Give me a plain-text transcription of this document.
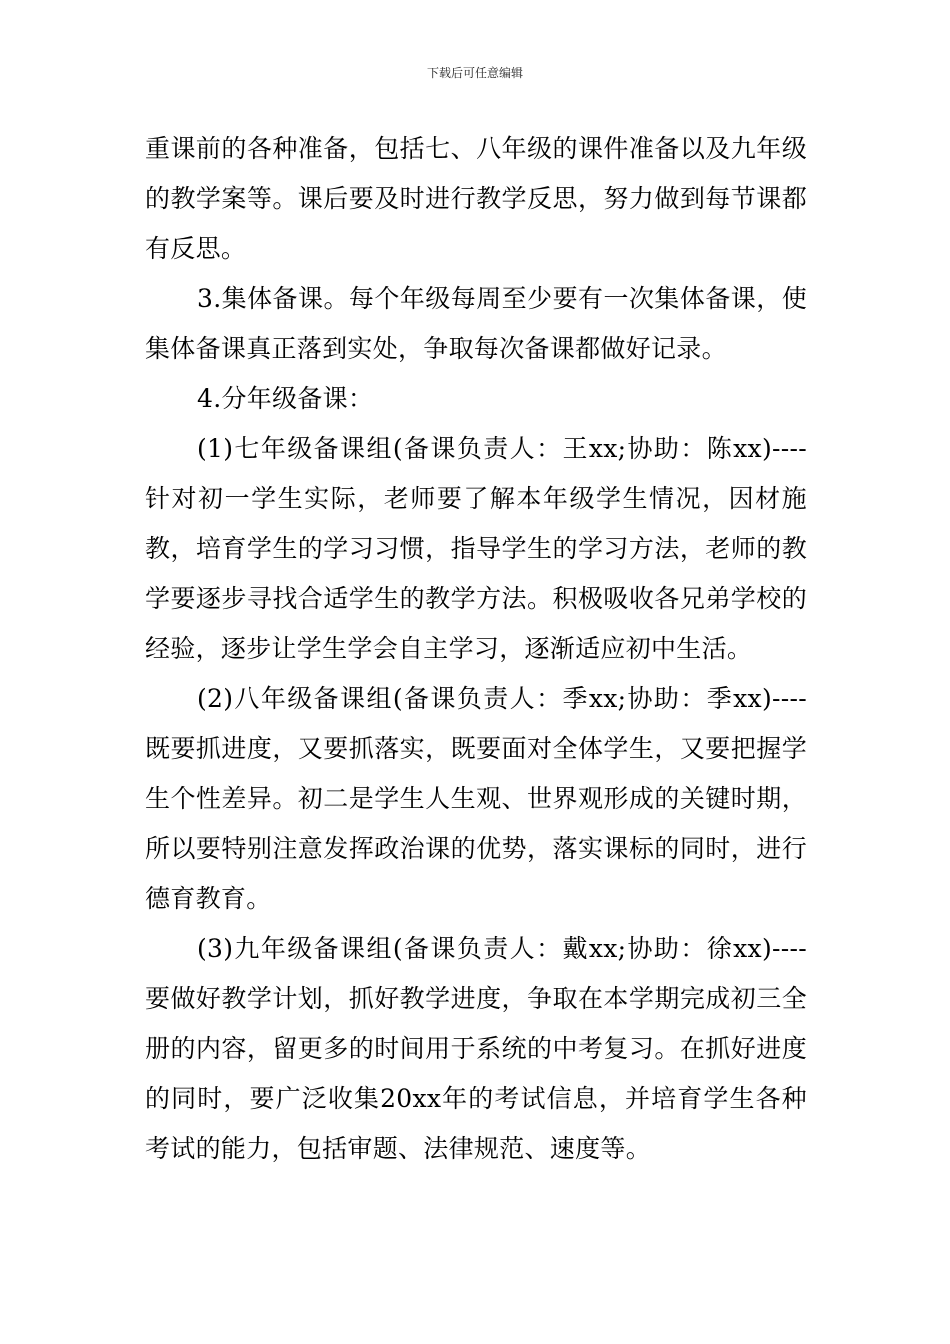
下载后可任意编辑

重课前的各种准备，包括七、八年级的课件准备以及九年级的教学案等。课后要及时进行教学反思，努力做到每节课都有反思。

3.集体备课。每个年级每周至少要有一次集体备课，使集体备课真正落到实处，争取每次备课都做好记录。

4.分年级备课：

(1)七年级备课组(备课负责人：王xx;协助：陈xx)----针对初一学生实际，老师要了解本年级学生情况，因材施教，培育学生的学习习惯，指导学生的学习方法，老师的教学要逐步寻找合适学生的教学方法。积极吸收各兄弟学校的经验，逐步让学生学会自主学习，逐渐适应初中生活。

(2)八年级备课组(备课负责人：季xx;协助：季xx)----既要抓进度，又要抓落实，既要面对全体学生，又要把握学生个性差异。初二是学生人生观、世界观形成的关键时期，所以要特别注意发挥政治课的优势，落实课标的同时，进行德育教育。

(3)九年级备课组(备课负责人：戴xx;协助：徐xx)----要做好教学计划，抓好教学进度，争取在本学期完成初三全册的内容，留更多的时间用于系统的中考复习。在抓好进度的同时，要广泛收集20xx年的考试信息，并培育学生各种考试的能力，包括审题、法律规范、速度等。
